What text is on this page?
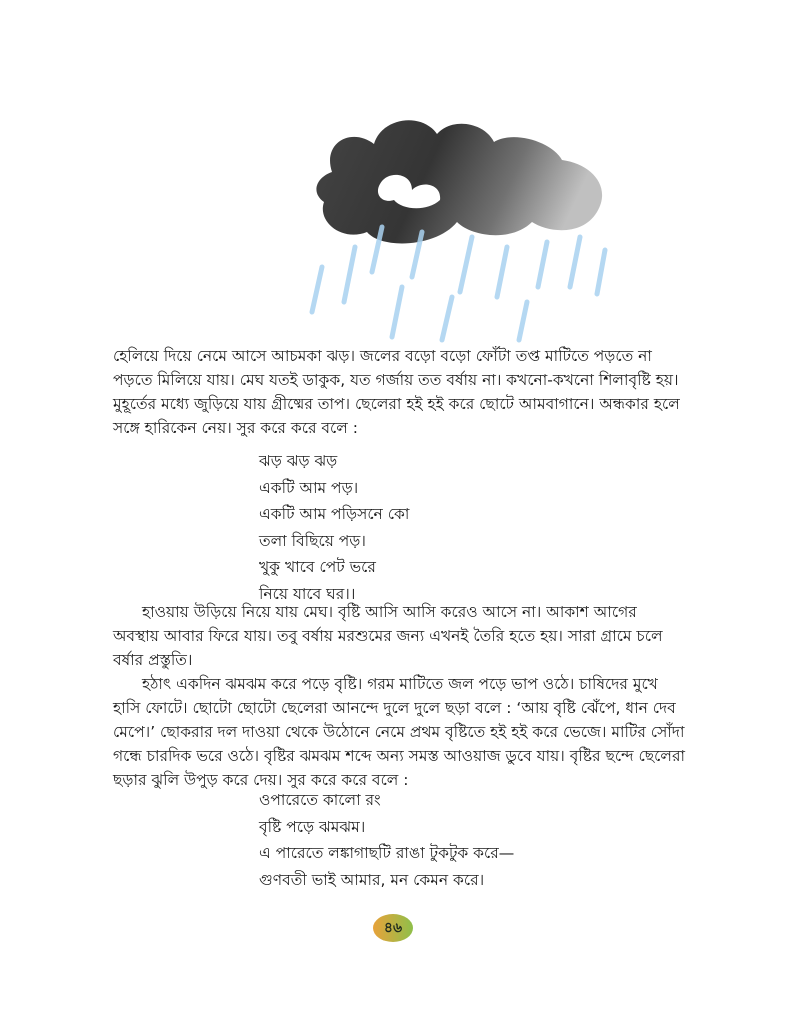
হেলিয়ে দিয়ে নেমে আসে আচমকা ঝড়। জলের বড়ো বড়ো ফোঁটা তপ্ত মাটিতে পড়তে না পড়তে মিলিয়ে যায়। মেঘ যতই ডাকুক, যত গর্জায় তত বর্ষায় না। কখনো-কখনো শিলাবৃষ্টি হয়। মুহূর্তের মধ্যে জুড়িয়ে যায় গ্রীষ্মের তাপ। ছেলেরা হই হই করে ছোটে আমবাগানে। অন্ধকার হলে সঙ্গে হারিকেন নেয়। সুর করে করে বলে :

ঝড় ঝড় ঝড়
একটি আম পড়।
একটি আম পড়িসনে কো
তলা বিছিয়ে পড়।
খুকু খাবে পেট ভরে
নিয়ে যাবে ঘর।।

হাওয়ায় উড়িয়ে নিয়ে যায় মেঘ। বৃষ্টি আসি আসি করেও আসে না। আকাশ আগের অবস্থায় আবার ফিরে যায়। তবু বর্ষায় মরশুমের জন্য এখনই তৈরি হতে হয়। সারা গ্রামে চলে বর্ষার প্রস্তুতি।

হঠাৎ একদিন ঝমঝম করে পড়ে বৃষ্টি। গরম মাটিতে জল পড়ে ভাপ ওঠে। চাষিদের মুখে হাসি ফোটে। ছোটো ছোটো ছেলেরা আনন্দে দুলে দুলে ছড়া বলে : ‘আয় বৃষ্টি ঝেঁপে, ধান দেব মেপে।’ ছোকরার দল দাওয়া থেকে উঠোনে নেমে প্রথম বৃষ্টিতে হই হই করে ভেজে। মাটির সোঁদা গন্ধে চারদিক ভরে ওঠে। বৃষ্টির ঝমঝম শব্দে অন্য সমস্ত আওয়াজ ডুবে যায়। বৃষ্টির ছন্দে ছেলেরা ছড়ার ঝুলি উপুড় করে দেয়। সুর করে করে বলে :

ওপারেতে কালো রং
বৃষ্টি পড়ে ঝমঝম।
এ পারেতে লঙ্কাগাছটি রাঙা টুকটুক করে—
গুণবতী ভাই আমার, মন কেমন করে।
৪৬
